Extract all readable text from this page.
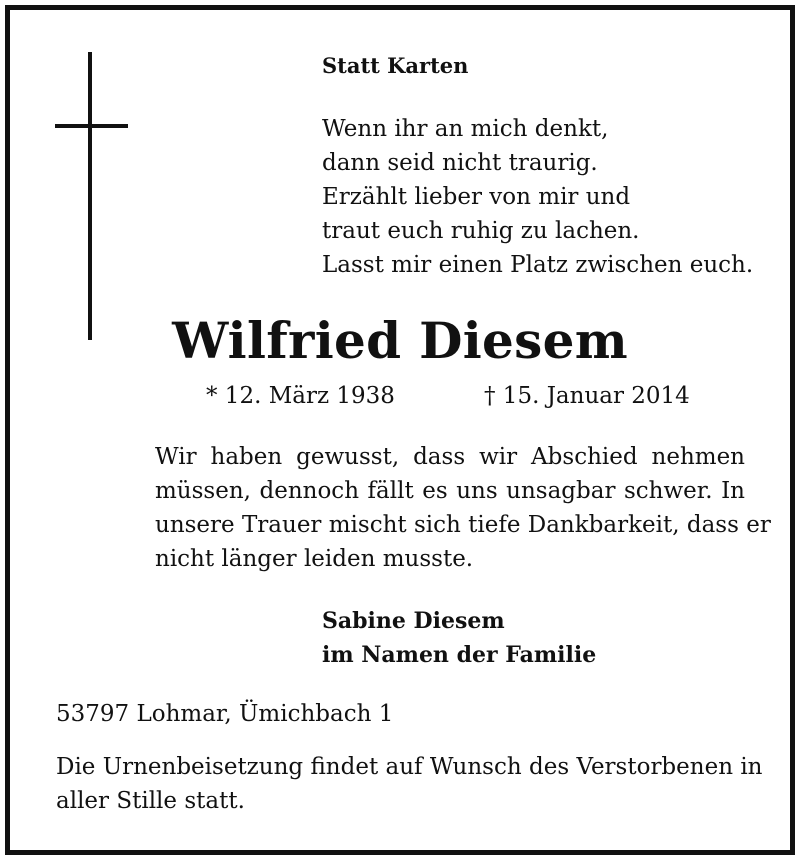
Statt Karten
Wenn ihr an mich denkt,
dann seid nicht traurig.
Erzählt lieber von mir und
traut euch ruhig zu lachen.
Lasst mir einen Platz zwischen euch.
Wilfried Diesem
* 12. März 1938	† 15. Januar 2014
Wir haben gewusst, dass wir Abschied nehmen
müssen, dennoch fällt es uns unsagbar schwer. In
unsere Trauer mischt sich tiefe Dankbarkeit, dass er
nicht länger leiden musste.
Sabine Diesem
im Namen der Familie
53797 Lohmar, Ümichbach 1
Die Urnenbeisetzung findet auf Wunsch des Verstorbenen in
aller Stille statt.
